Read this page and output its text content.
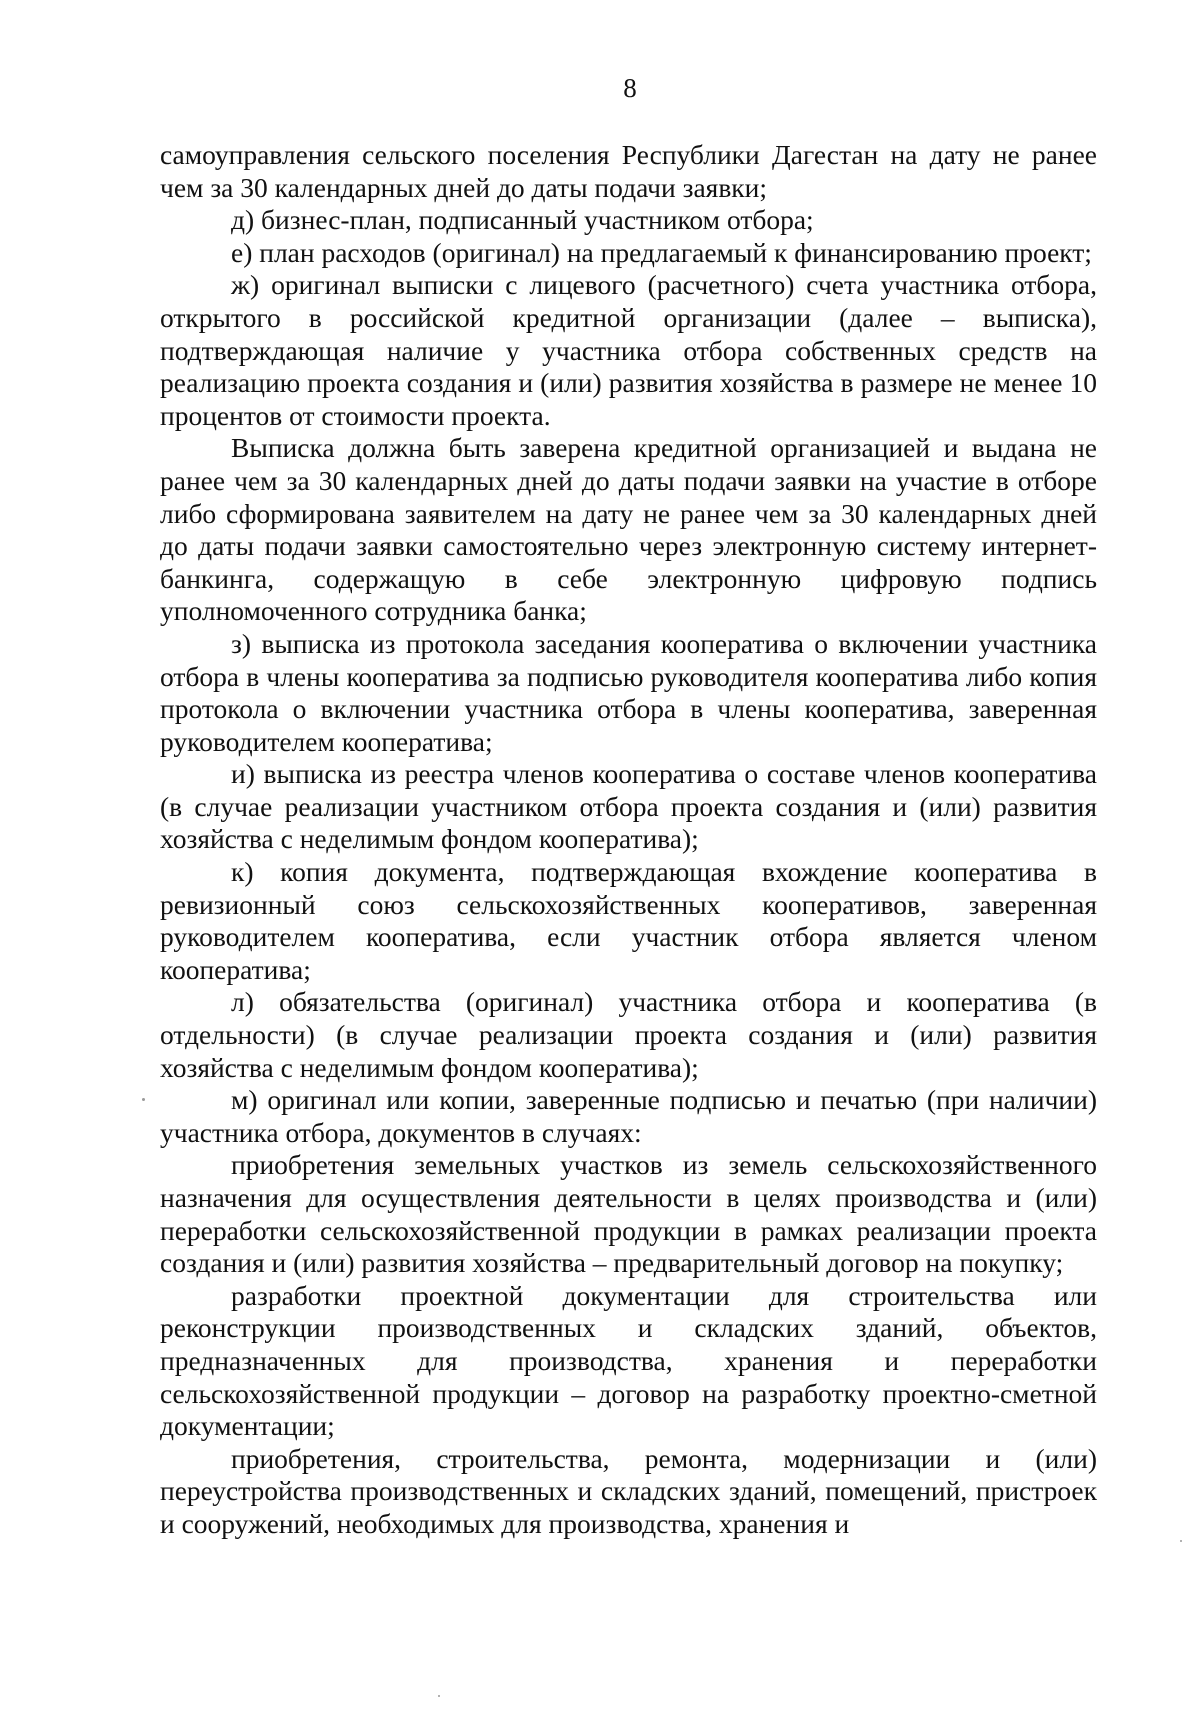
8

самоуправления сельского поселения Республики Дагестан на дату не ранее чем за 30 календарных дней до даты подачи заявки;

д) бизнес-план, подписанный участником отбора;

е) план расходов (оригинал) на предлагаемый к финансированию проект;

ж) оригинал выписки с лицевого (расчетного) счета участника отбора, открытого в российской кредитной организации (далее – выписка), подтверждающая наличие у участника отбора собственных средств на реализацию проекта создания и (или) развития хозяйства в размере не менее 10 процентов от стоимости проекта.

Выписка должна быть заверена кредитной организацией и выдана не ранее чем за 30 календарных дней до даты подачи заявки на участие в отборе либо сформирована заявителем на дату не ранее чем за 30 календарных дней до даты подачи заявки самостоятельно через электронную систему интернет-банкинга, содержащую в себе электронную цифровую подпись уполномоченного сотрудника банка;

з) выписка из протокола заседания кооператива о включении участника отбора в члены кооператива за подписью руководителя кооператива либо копия протокола о включении участника отбора в члены кооператива, заверенная руководителем кооператива;

и) выписка из реестра членов кооператива о составе членов кооператива (в случае реализации участником отбора проекта создания и (или) развития хозяйства с неделимым фондом кооператива);

к) копия документа, подтверждающая вхождение кооператива в ревизионный союз сельскохозяйственных кооперативов, заверенная руководителем кооператива, если участник отбора является членом кооператива;

л) обязательства (оригинал) участника отбора и кооператива (в отдельности) (в случае реализации проекта создания и (или) развития хозяйства с неделимым фондом кооператива);

м) оригинал или копии, заверенные подписью и печатью (при наличии) участника отбора, документов в случаях:

приобретения земельных участков из земель сельскохозяйственного назначения для осуществления деятельности в целях производства и (или) переработки сельскохозяйственной продукции в рамках реализации проекта создания и (или) развития хозяйства – предварительный договор на покупку;

разработки проектной документации для строительства или реконструкции производственных и складских зданий, объектов, предназначенных для производства, хранения и переработки сельскохозяйственной продукции – договор на разработку проектно-сметной документации;

приобретения, строительства, ремонта, модернизации и (или) переустройства производственных и складских зданий, помещений, пристроек и сооружений, необходимых для производства, хранения и
